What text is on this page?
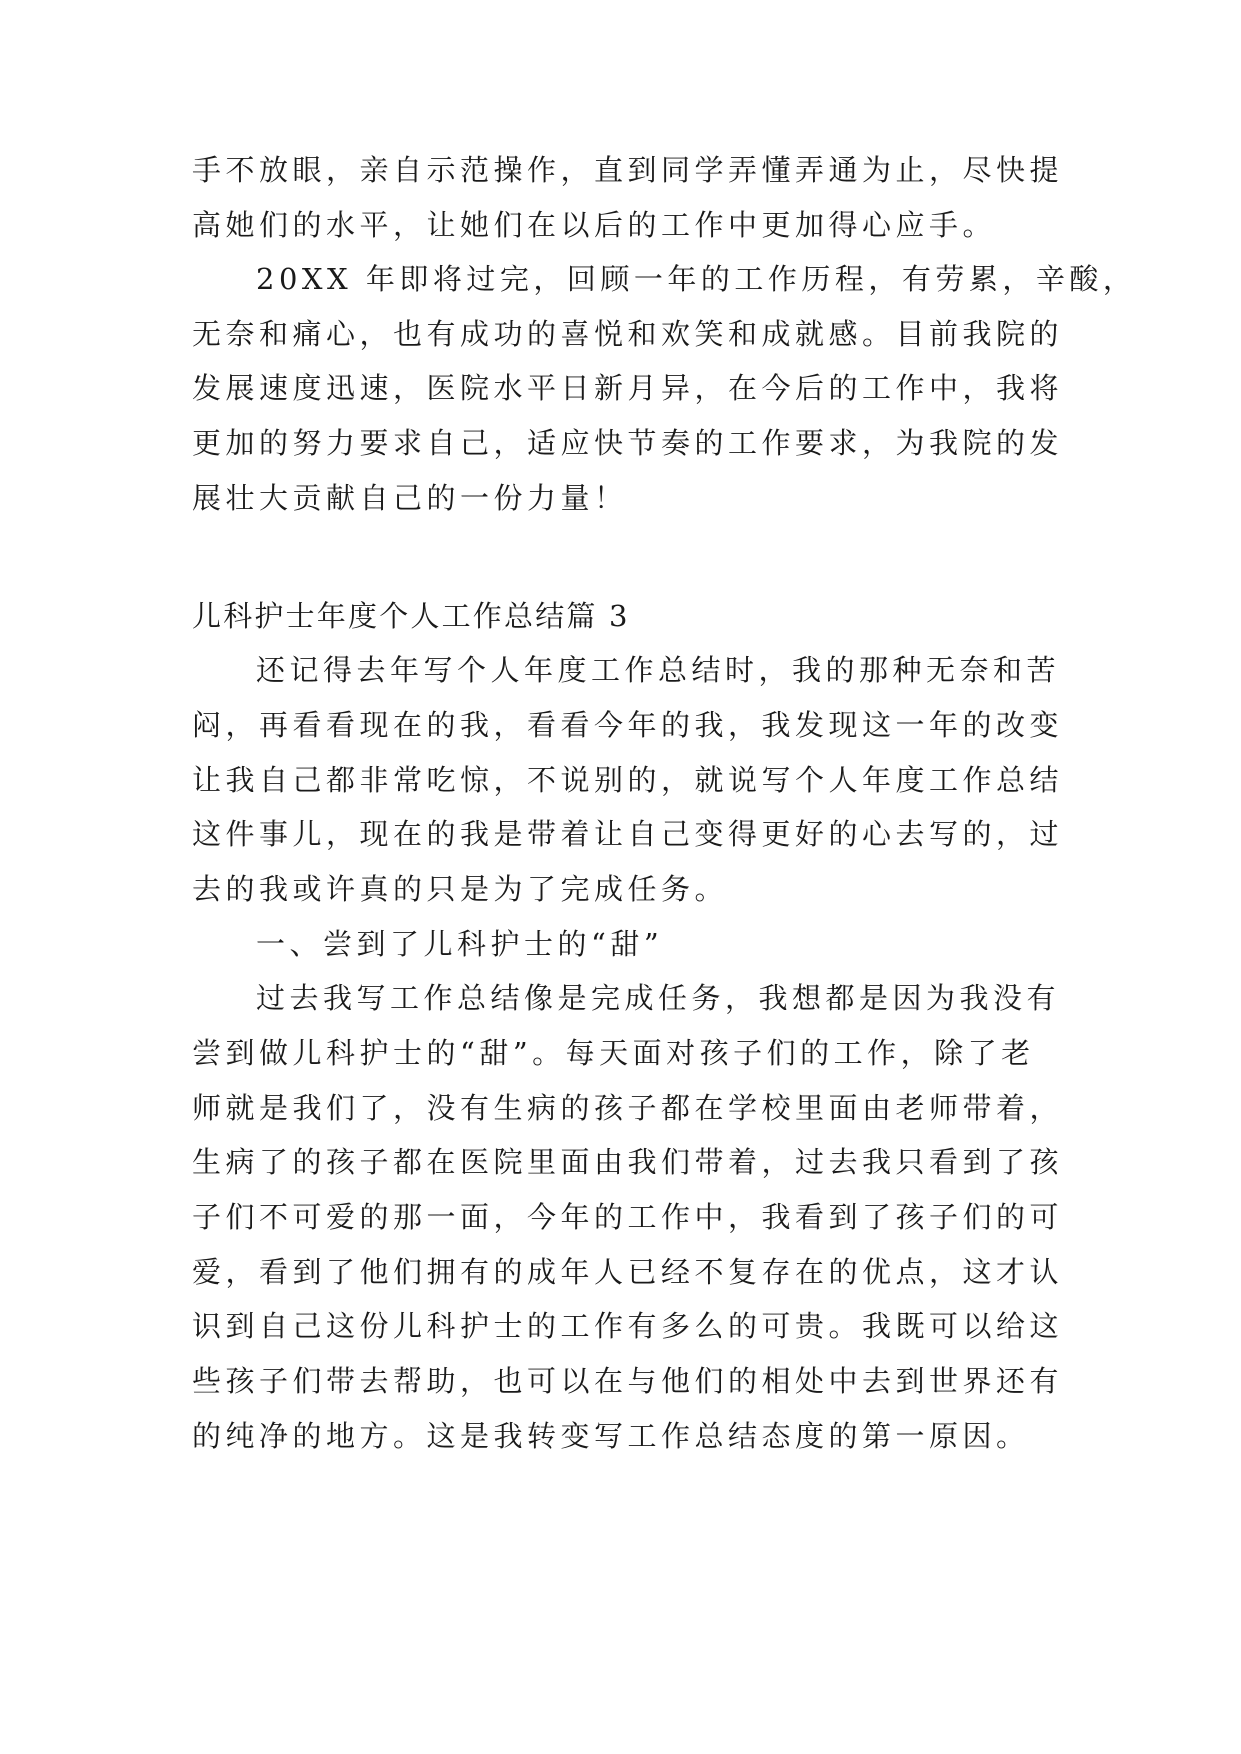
手不放眼，亲自示范操作，直到同学弄懂弄通为止，尽快提
高她们的水平，让她们在以后的工作中更加得心应手。
20XX 年即将过完，回顾一年的工作历程，有劳累，辛酸，
无奈和痛心，也有成功的喜悦和欢笑和成就感。目前我院的
发展速度迅速，医院水平日新月异，在今后的工作中，我将
更加的努力要求自己，适应快节奏的工作要求，为我院的发
展壮大贡献自己的一份力量！
儿科护士年度个人工作总结篇 3
还记得去年写个人年度工作总结时，我的那种无奈和苦
闷，再看看现在的我，看看今年的我，我发现这一年的改变
让我自己都非常吃惊，不说别的，就说写个人年度工作总结
这件事儿，现在的我是带着让自己变得更好的心去写的，过
去的我或许真的只是为了完成任务。
一、尝到了儿科护士的“甜”
过去我写工作总结像是完成任务，我想都是因为我没有
尝到做儿科护士的“甜”。每天面对孩子们的工作，除了老
师就是我们了，没有生病的孩子都在学校里面由老师带着，
生病了的孩子都在医院里面由我们带着，过去我只看到了孩
子们不可爱的那一面，今年的工作中，我看到了孩子们的可
爱，看到了他们拥有的成年人已经不复存在的优点，这才认
识到自己这份儿科护士的工作有多么的可贵。我既可以给这
些孩子们带去帮助，也可以在与他们的相处中去到世界还有
的纯净的地方。这是我转变写工作总结态度的第一原因。
